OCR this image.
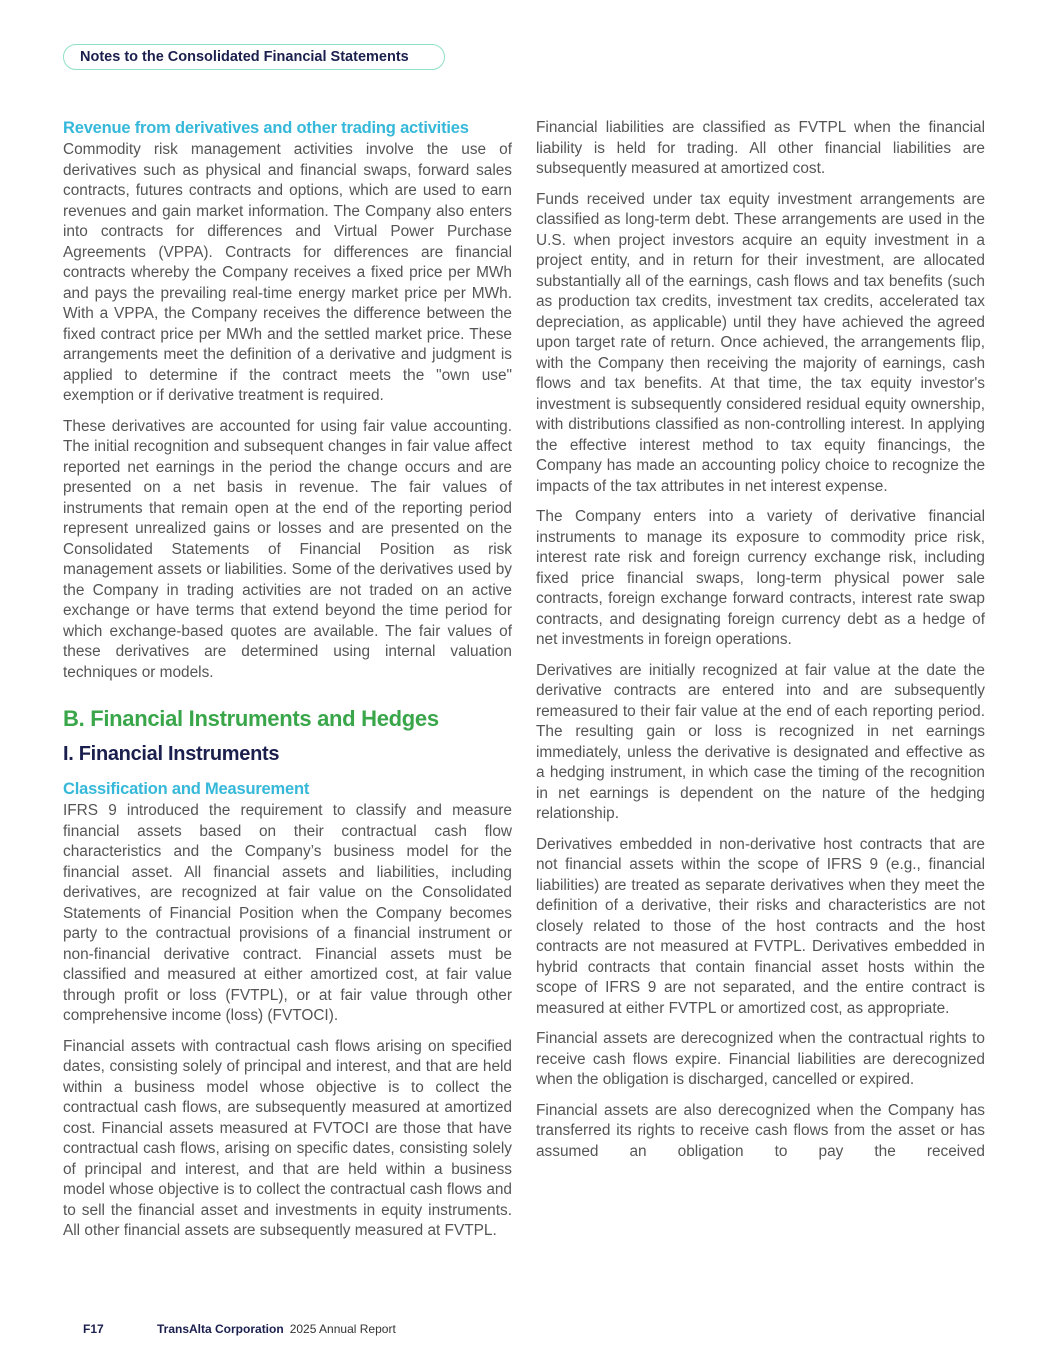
Notes to the Consolidated Financial Statements
Revenue from derivatives and other trading activities

Commodity risk management activities involve the use of derivatives such as physical and financial swaps, forward sales contracts, futures contracts and options, which are used to earn revenues and gain market information. The Company also enters into contracts for differences and Virtual Power Purchase Agreements (VPPA). Contracts for differences are financial contracts whereby the Company receives a fixed price per MWh and pays the prevailing real-time energy market price per MWh. With a VPPA, the Company receives the difference between the fixed contract price per MWh and the settled market price. These arrangements meet the definition of a derivative and judgment is applied to determine if the contract meets the "own use" exemption or if derivative treatment is required.

These derivatives are accounted for using fair value accounting. The initial recognition and subsequent changes in fair value affect reported net earnings in the period the change occurs and are presented on a net basis in revenue. The fair values of instruments that remain open at the end of the reporting period represent unrealized gains or losses and are presented on the Consolidated Statements of Financial Position as risk management assets or liabilities. Some of the derivatives used by the Company in trading activities are not traded on an active exchange or have terms that extend beyond the time period for which exchange-based quotes are available. The fair values of these derivatives are determined using internal valuation techniques or models.

B. Financial Instruments and Hedges
I. Financial Instruments
Classification and Measurement

IFRS 9 introduced the requirement to classify and measure financial assets based on their contractual cash flow characteristics and the Company’s business model for the financial asset. All financial assets and liabilities, including derivatives, are recognized at fair value on the Consolidated Statements of Financial Position when the Company becomes party to the contractual provisions of a financial instrument or non-financial derivative contract. Financial assets must be classified and measured at either amortized cost, at fair value through profit or loss (FVTPL), or at fair value through other comprehensive income (loss) (FVTOCI).

Financial assets with contractual cash flows arising on specified dates, consisting solely of principal and interest, and that are held within a business model whose objective is to collect the contractual cash flows, are subsequently measured at amortized cost. Financial assets measured at FVTOCI are those that have contractual cash flows, arising on specific dates, consisting solely of principal and interest, and that are held within a business model whose objective is to collect the contractual cash flows and to sell the financial asset and investments in equity instruments. All other financial assets are subsequently measured at FVTPL.

Financial liabilities are classified as FVTPL when the financial liability is held for trading. All other financial liabilities are subsequently measured at amortized cost.

Funds received under tax equity investment arrangements are classified as long-term debt. These arrangements are used in the U.S. when project investors acquire an equity investment in a project entity, and in return for their investment, are allocated substantially all of the earnings, cash flows and tax benefits (such as production tax credits, investment tax credits, accelerated tax depreciation, as applicable) until they have achieved the agreed upon target rate of return. Once achieved, the arrangements flip, with the Company then receiving the majority of earnings, cash flows and tax benefits. At that time, the tax equity investor's investment is subsequently considered residual equity ownership, with distributions classified as non-controlling interest. In applying the effective interest method to tax equity financings, the Company has made an accounting policy choice to recognize the impacts of the tax attributes in net interest expense.

The Company enters into a variety of derivative financial instruments to manage its exposure to commodity price risk, interest rate risk and foreign currency exchange risk, including fixed price financial swaps, long-term physical power sale contracts, foreign exchange forward contracts, interest rate swap contracts, and designating foreign currency debt as a hedge of net investments in foreign operations.

Derivatives are initially recognized at fair value at the date the derivative contracts are entered into and are subsequently remeasured to their fair value at the end of each reporting period. The resulting gain or loss is recognized in net earnings immediately, unless the derivative is designated and effective as a hedging instrument, in which case the timing of the recognition in net earnings is dependent on the nature of the hedging relationship.

Derivatives embedded in non-derivative host contracts that are not financial assets within the scope of IFRS 9 (e.g., financial liabilities) are treated as separate derivatives when they meet the definition of a derivative, their risks and characteristics are not closely related to those of the host contracts and the host contracts are not measured at FVTPL. Derivatives embedded in hybrid contracts that contain financial asset hosts within the scope of IFRS 9 are not separated, and the entire contract is measured at either FVTPL or amortized cost, as appropriate.

Financial assets are derecognized when the contractual rights to receive cash flows expire. Financial liabilities are derecognized when the obligation is discharged, cancelled or expired.

Financial assets are also derecognized when the Company has transferred its rights to receive cash flows from the asset or has assumed an obligation to pay the received

F17	TransAlta Corporation 2025 Annual Report
